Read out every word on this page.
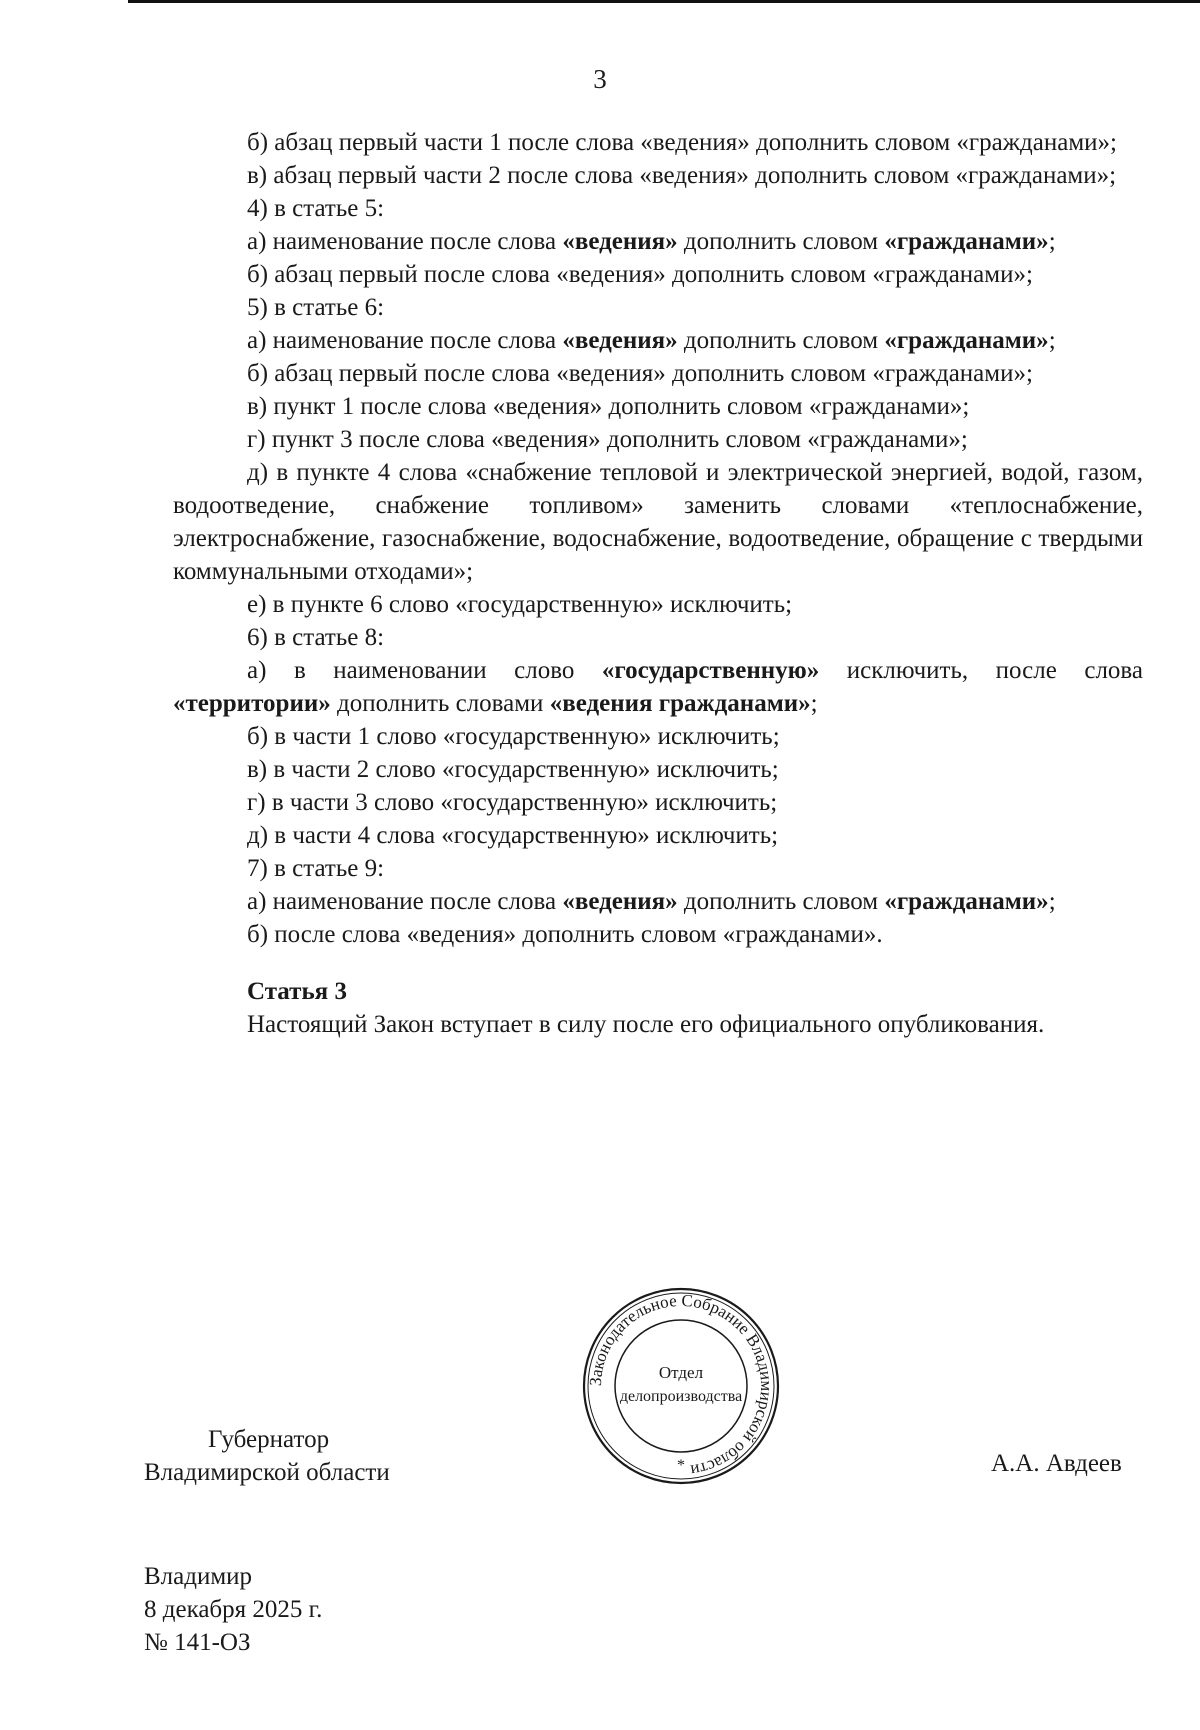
3

б) абзац первый части 1 после слова «ведения» дополнить словом «гражданами»;

в) абзац первый части 2 после слова «ведения» дополнить словом «гражданами»;

4) в статье 5:

а) наименование после слова «ведения» дополнить словом «гражданами»;

б) абзац первый после слова «ведения» дополнить словом «гражданами»;

5) в статье 6:

а) наименование после слова «ведения» дополнить словом «гражданами»;

б) абзац первый после слова «ведения» дополнить словом «гражданами»;

в) пункт 1 после слова «ведения» дополнить словом «гражданами»;

г) пункт 3 после слова «ведения» дополнить словом «гражданами»;

д) в пункте 4 слова «снабжение тепловой и электрической энергией, водой, газом, водоотведение, снабжение топливом» заменить словами «теплоснабжение, электроснабжение, газоснабжение, водоснабжение, водоотведение, обращение с твердыми коммунальными отходами»;

е) в пункте 6 слово «государственную» исключить;

6) в статье 8:

а) в наименовании слово «государственную» исключить, после слова «территории» дополнить словами «ведения гражданами»;

б) в части 1 слово «государственную» исключить;

в) в части 2 слово «государственную» исключить;

г) в части 3 слово «государственную» исключить;

д) в части 4 слова «государственную» исключить;

7) в статье 9:

а) наименование после слова «ведения» дополнить словом «гражданами»;

б) после слова «ведения» дополнить словом «гражданами».

Статья 3

Настоящий Закон вступает в силу после его официального опубликования.

Законодательное Собрание Владимирской области
Отдел
делопроизводства
*
Губернатор
Владимирской области	А.А. Авдеев
Владимир
8 декабря 2025 г.
№ 141-ОЗ
